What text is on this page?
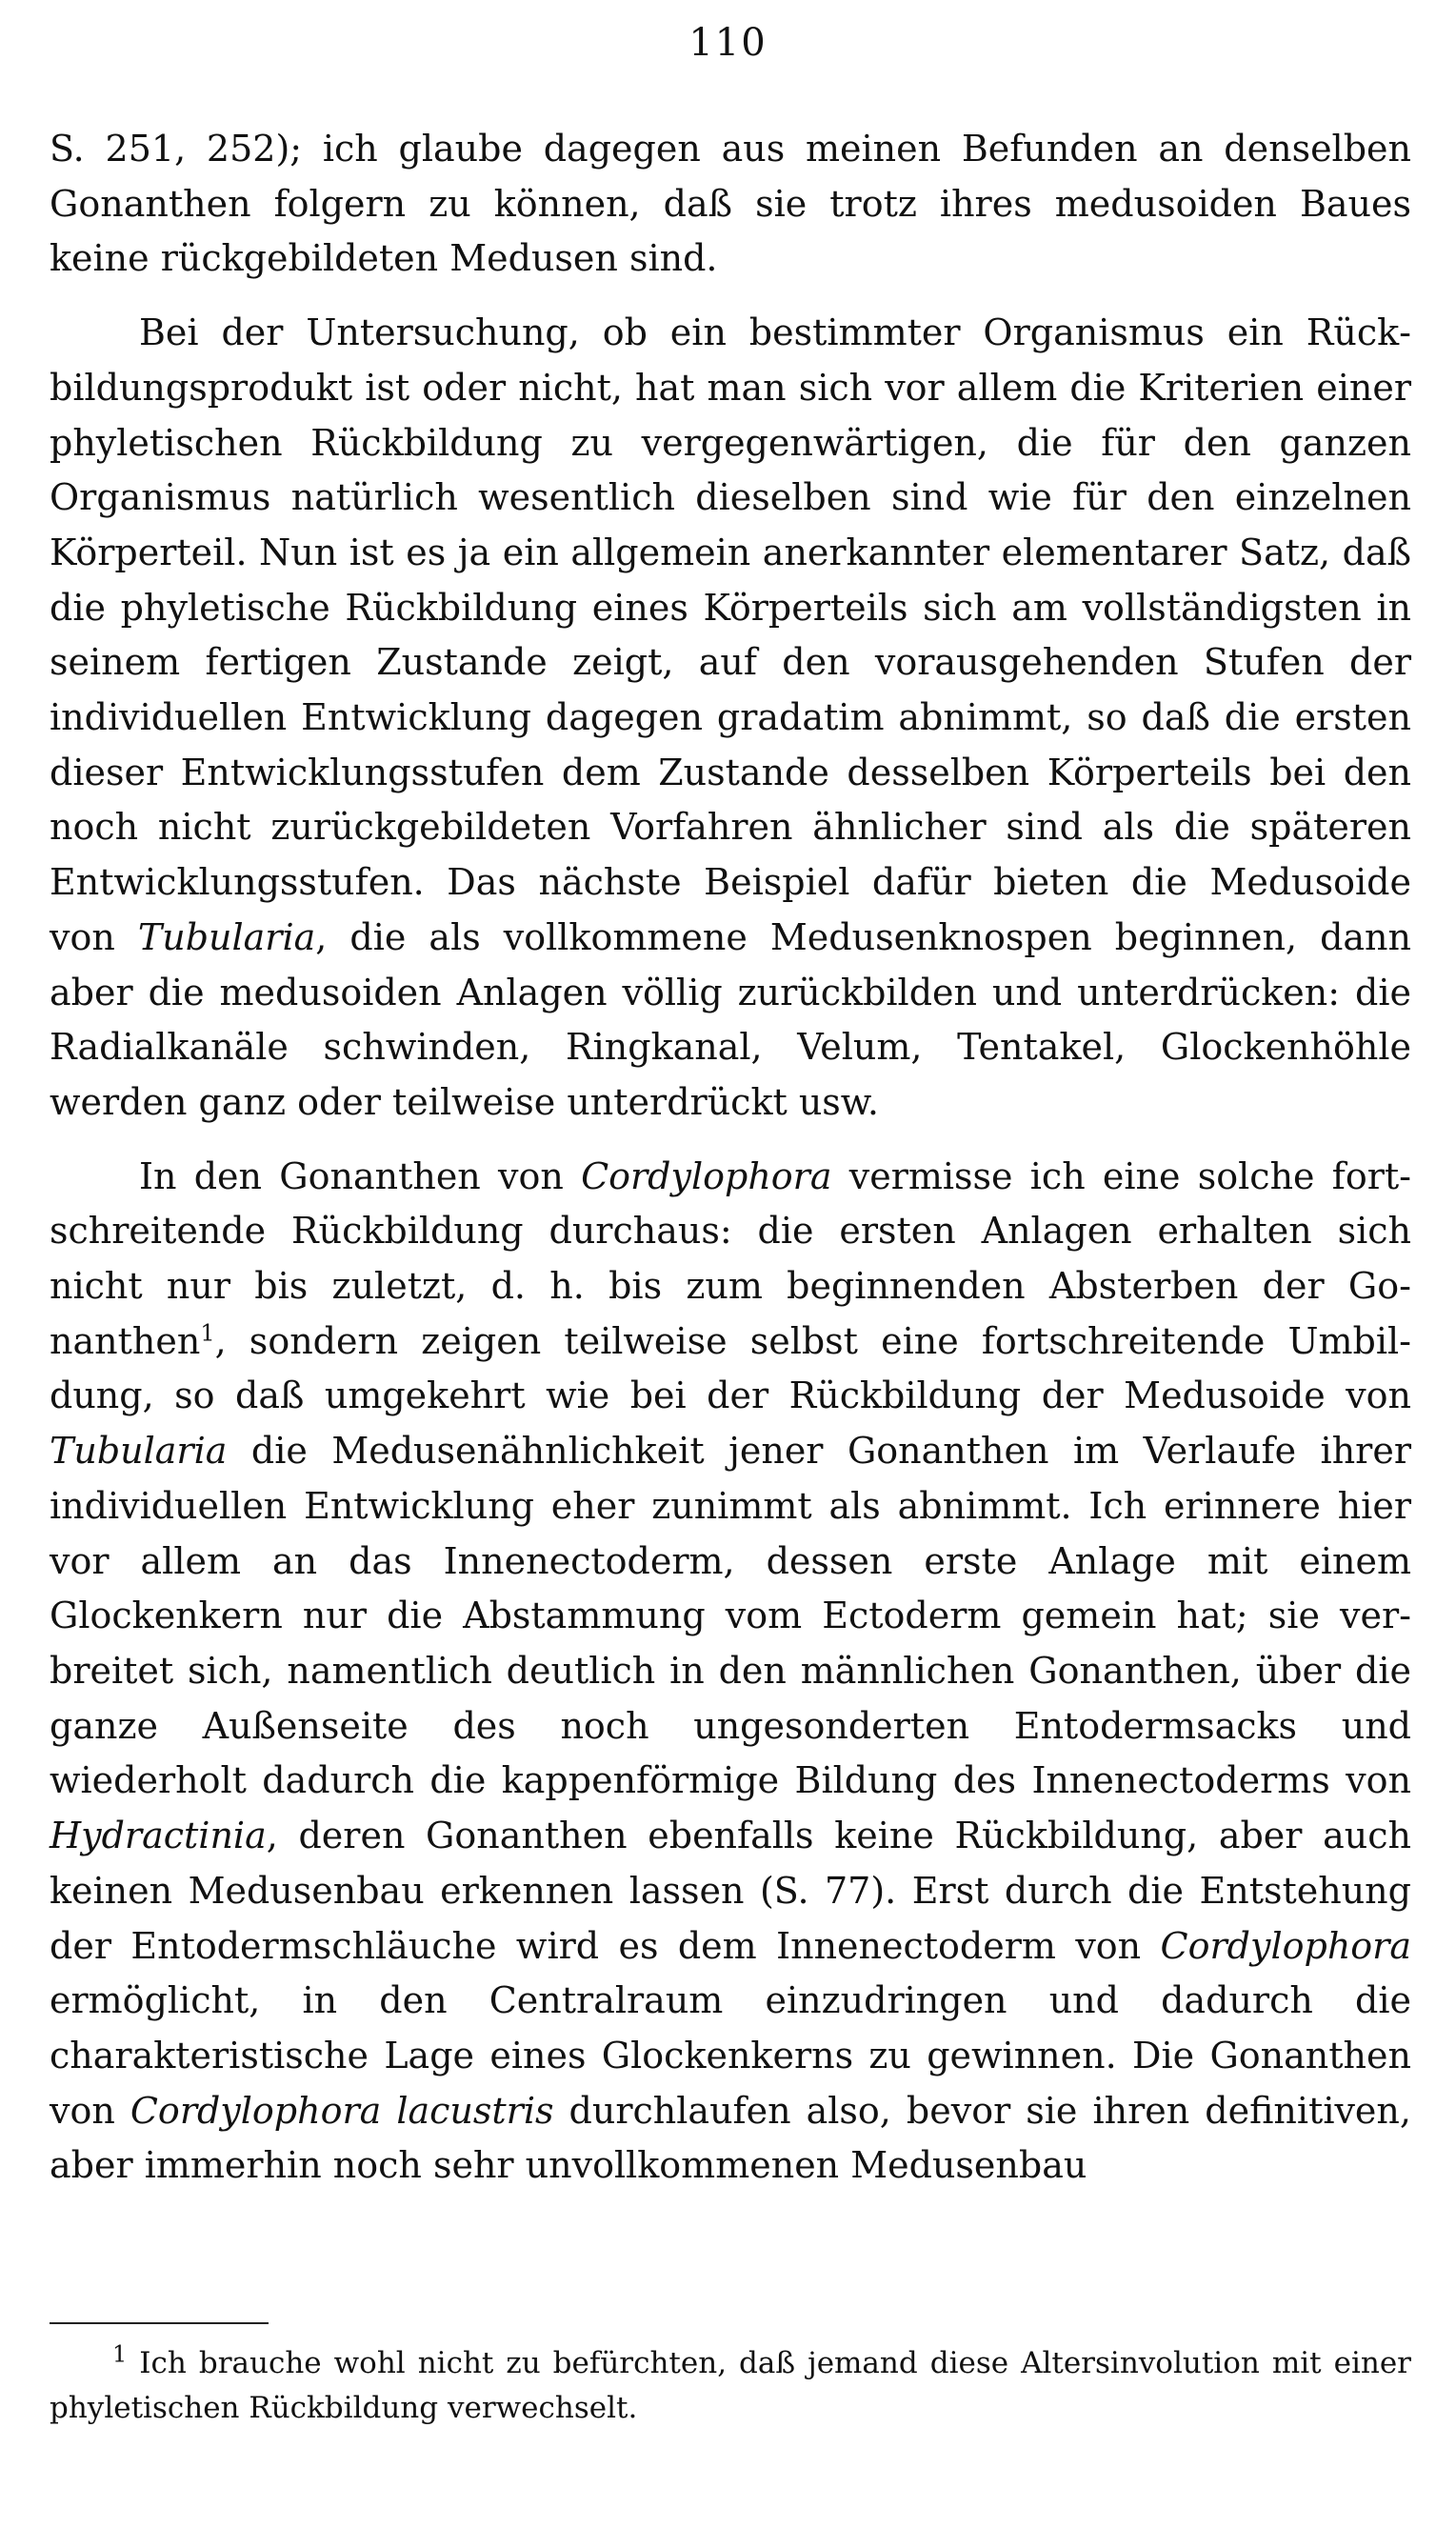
110

S. 251, 252); ich glaube dagegen aus meinen Befunden an denselben Gonanthen folgern zu können, daß sie trotz ihres medusoiden Baues keine rückgebildeten Medusen sind.

Bei der Untersuchung, ob ein bestimmter Organismus ein Rückbildungsprodukt ist oder nicht, hat man sich vor allem die Kriterien einer phyletischen Rückbildung zu vergegenwärtigen, die für den ganzen Organismus natürlich wesentlich dieselben sind wie für den einzelnen Körperteil. Nun ist es ja ein allgemein anerkannter elementarer Satz, daß die phyletische Rückbildung eines Körperteils sich am vollständigsten in seinem fertigen Zustande zeigt, auf den vorausgehenden Stufen der individuellen Entwicklung dagegen gradatim abnimmt, so daß die ersten dieser Entwicklungsstufen dem Zustande desselben Körperteils bei den noch nicht zurückgebildeten Vorfahren ähnlicher sind als die späteren Entwicklungsstufen. Das nächste Beispiel dafür bieten die Medusoide von Tubularia, die als vollkommene Medusenknospen beginnen, dann aber die medusoiden Anlagen völlig zurückbilden und unterdrücken: die Radialkanäle schwinden, Ringkanal, Velum, Tentakel, Glockenhöhle werden ganz oder teilweise unterdrückt usw.

In den Gonanthen von Cordylophora vermisse ich eine solche fortschreitende Rückbildung durchaus: die ersten Anlagen erhalten sich nicht nur bis zuletzt, d. h. bis zum beginnenden Absterben der Gonanthen$^1$, sondern zeigen teilweise selbst eine fortschreitende Umbildung, so daß umgekehrt wie bei der Rückbildung der Medusoide von Tubularia die Medusenähnlichkeit jener Gonanthen im Verlaufe ihrer individuellen Entwicklung eher zunimmt als abnimmt. Ich erinnere hier vor allem an das Innenectoderm, dessen erste Anlage mit einem Glockenkern nur die Abstammung vom Ectoderm gemein hat; sie verbreitet sich, namentlich deutlich in den männlichen Gonanthen, über die ganze Außenseite des noch ungesonderten Entodermsacks und wiederholt dadurch die kappenförmige Bildung des Innenectoderms von Hydractinia, deren Gonanthen ebenfalls keine Rückbildung, aber auch keinen Medusenbau erkennen lassen (S. 77). Erst durch die Entstehung der Entodermschläuche wird es dem Innenectoderm von Cordylophora ermöglicht, in den Centralraum einzudringen und dadurch die charakteristische Lage eines Glockenkerns zu gewinnen. Die Gonanthen von Cordylophora lacustris durchlaufen also, bevor sie ihren definitiven, aber immerhin noch sehr unvollkommenen Medusenbau

$^1$ Ich brauche wohl nicht zu befürchten, daß jemand diese Altersinvolution mit einer phyletischen Rückbildung verwechselt.
